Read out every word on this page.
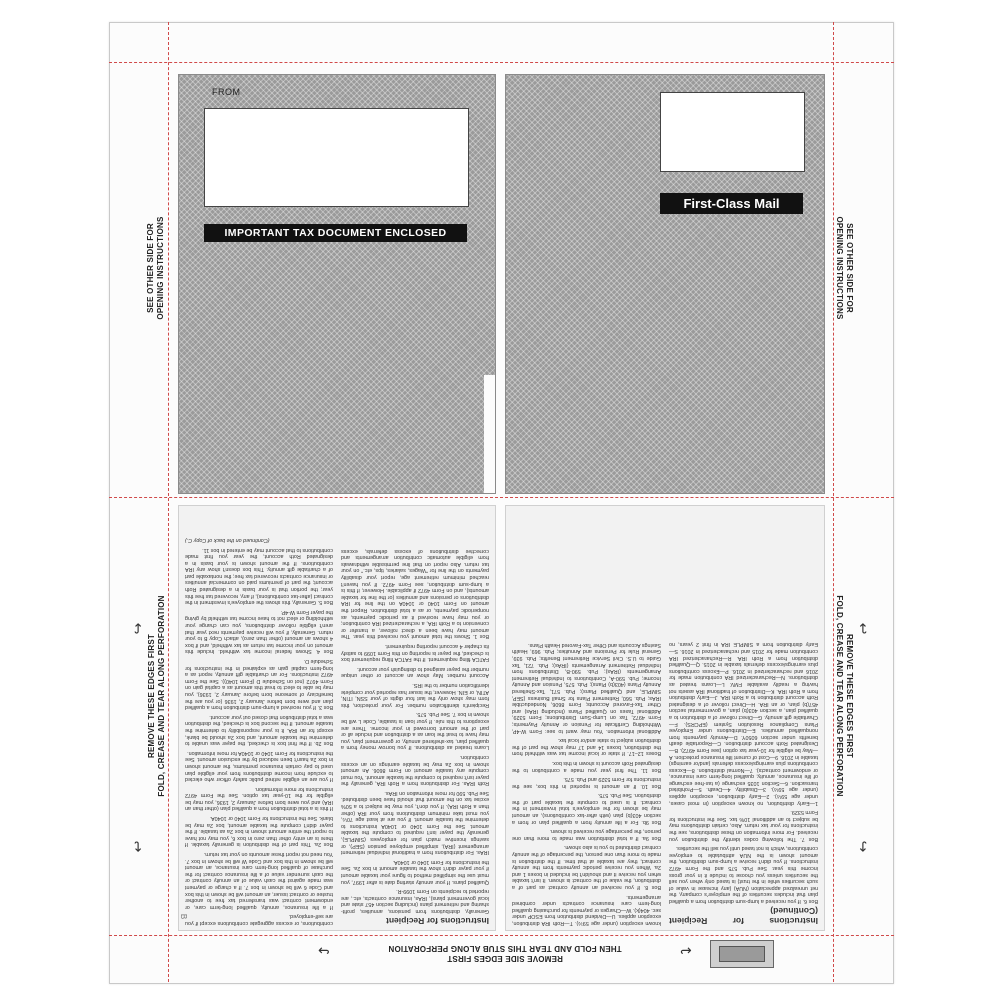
FROM
IMPORTANT TAX DOCUMENT ENCLOSED
First-Class Mail
SEE OTHER SIDE FOR
OPENING INSTRUCTIONS	SEE OTHER SIDE FOR
OPENING INSTRUCTIONS
REMOVE THESE EDGES FIRST
FOLD, CREASE AND TEAR ALONG PERFORATION	REMOVE THESE EDGES FIRST
FOLD, CREASE AND TEAR ALONG PERFORATION
↪
↩
↩
↪
Instructions for Recipient

Generally, distributions from pensions, annuities, profit-sharing and retirement plans (including section 457 state and local government plans), IRAs, insurance contracts, etc., are reported to recipients on Form 1099-R.

Qualified plans. If your annuity starting date is after 1997, you must use the simplified method to figure your taxable amount if your payer didn't show the taxable amount in box 2a. See the instructions for Form 1040 or 1040A.

IRAs. For distributions from a traditional individual retirement arrangement (IRA), simplified employee pension (SEP), or savings incentive match plan for employees (SIMPLE), generally the payer isn't required to compute the taxable amount. See the Form 1040 or 1040A instructions to determine the taxable amount. If you are at least age 70½, you must take minimum distributions from your IRA (other than a Roth IRA). If you don't, you may be subject to a 50% excise tax on the amount that should have been distributed. See Pub. 590 for more information on IRAs.

Roth IRAs. For distributions from a Roth IRA, generally the payer isn't required to compute the taxable amount. You must compute any taxable amount on Form 8606. An amount shown in box 2a may be taxable earnings on an excess contribution.

Loans treated as distributions. If you borrow money from a qualified plan, tax-sheltered annuity, or government plan, you may have to treat the loan as a distribution and include all or part of the amount borrowed in your income. There are exceptions to this rule. If your loan is taxable, Code L will be shown in box 7. See Pub. 575.

Recipient's identification number. For your protection, this form may show only the last four digits of your SSN, ITIN, ATIN, or EIN. However, the issuer has reported your complete identification number to the IRS.

Account number. May show an account or other unique number the payer assigned to distinguish your account.

FATCA filing requirement. If the FATCA filing requirement box is checked, the payer is reporting on this Form 1099 to satisfy its chapter 4 account reporting requirement.

Box 1. Shows the total amount you received this year. The amount may have been a direct rollover, a transfer or conversion to a Roth IRA, a recharacterized IRA contribution; or you may have received it as periodic payments, as nonperiodic payments, or as a total distribution. Report the amount on Form 1040 or 1040A on the line for IRA distributions or pensions and annuities (or the line for taxable amounts), and on Form 4972 if applicable. However, if this is a lump-sum distribution, see Form 4972. If you haven't reached minimum retirement age, report your disability payments on the line for "Wages, salaries, tips, etc." on your tax return. Also report on that line permissible withdrawals from eligible automatic contribution arrangements and corrective distributions of excess deferrals, excess contributions, or excess aggregate contributions except if you are self-employed.

If a life insurance, annuity, qualified long-term care, or endowment contract was transferred tax free to another trustee or contract issuer, an amount will be shown in this box and Code 6 will be shown in box 7. If a charge or payment was made against the cash value of an annuity contract or the cash surrender value of a life insurance contract for the purchase of qualified long-term care insurance, an amount will be shown in this box and Code W will be shown in box 7. You need not report these amounts on your tax return.

Box 2a. This part of the distribution is generally taxable. If there is an entry other than zero in box 6, you may not have to report the entire amount shown in box 2a as taxable. If the payer didn't compute the taxable amount, box 2a may be blank. See the instructions for Form 1040 or 1040A.

If this is a total distribution from a qualified plan (other than an IRA) and you were born before January 2, 1936, you may be eligible for the 10-year tax option. See the Form 4972 instructions for more information.

If you are an eligible retired public safety officer who elected to exclude from income distributions from your eligible plan used to pay certain insurance premiums, the amount shown in box 2a hasn't been reduced by the exclusion amount. See the instructions for Form 1040 or 1040A for more information.

Box 2b. If the first box is checked, the payer was unable to determine the taxable amount, and box 2a should be blank, except for an IRA. It is your responsibility to determine the taxable amount. If the second box is checked, the distribution was a total distribution that closed out your account.

Box 3. If you received a lump-sum distribution from a qualified plan and were born before January 2, 1936 (or you are the beneficiary of someone born before January 2, 1936), you may be able to elect to treat this amount as a capital gain on Form 4972 (not on Schedule D (Form 1040)). See the Form 4972 instructions. For an charitable gift annuity, report as a long-term capital gain as explained in the instructions for Schedule D.

Box 4. Shows federal income tax withheld. Include this amount on your income tax return as tax withheld, and if box 4 shows an amount (other than zero), attach Copy B to your return. Generally, if you will receive payments next year that aren't eligible rollover distributions, you can change your withholding or elect not to have income tax withheld by giving the payer Form W-4P.

Box 5. Generally, this shows the employee's investment in the contract (after-tax contributions), if any, recovered tax free this year; the portion that is your basis in a designated Roth account; the part of premiums paid on commercial annuities or insurance contracts recovered tax free; the nontaxable part of a charitable gift annuity. This box doesn't show any IRA contributions. If the amount shown is your basis in a designated Roth account, the year you first made contributions to that account may be entered in box 11.

(Continued on the back of Copy C.)

Instructions for Recipient (Continued)

Box 6. If you received a lump-sum distribution from a qualified plan that includes securities of the employer's company, the net unrealized appreciation (NUA) (any increase in value of such securities while in the trust) is taxed only when you sell the securities unless you choose to include it in your gross income this year. See Pub. 575 and the Form 4972 instructions. If you didn't receive a lump-sum distribution, the amount shown is the NUA attributable to employee contributions, which is not taxed until you sell the securities.

Box 7. The following codes identify the distribution you received. For more information on these distributions, see the instructions for your tax return. Also, certain distributions may be subject to an additional 10% tax. See the instructions for Form 5329.

1—Early distribution, no known exception (in most cases, under age 59½). 2—Early distribution, exception applies (under age 59½). 3—Disability. 4—Death. 5—Prohibited transaction. 6—Section 1035 exchange (a tax-free exchange of life insurance, annuity, qualified long-term care insurance, or endowment contracts). 7—Normal distribution. 8—Excess contributions plus earnings/excess deferrals (and/or earnings) taxable in 2016. 9—Cost of current life insurance protection. A—May be eligible for 10-year tax option (see Form 4972). B—Designated Roth account distribution. C—Reportable death benefits under section 6050Y. D—Annuity payments from nonqualified annuities. E—Distributions under Employee Plans Compliance Resolution System (EPCRS). F—Charitable gift annuity. G—Direct rollover of a distribution to a qualified plan, a section 403(b) plan, a governmental section 457(b) plan, or an IRA. H—Direct rollover of a designated Roth account distribution to a Roth IRA. J—Early distribution from a Roth IRA. K—Distribution of traditional IRA assets not having a readily available FMV. L—Loans treated as distributions. N—Recharacterized IRA contribution made for 2016 and recharacterized in 2016. P—Excess contributions plus earnings/excess deferrals taxable in 2015. Q—Qualified distribution from a Roth IRA. R—Recharacterized IRA contribution made for 2015 and recharacterized in 2016. S—Early distribution from a SIMPLE IRA in first 2 years, no known exception (under age 59½). T—Roth IRA distribution, exception applies. U—Dividend distribution from ESOP under sec. 404(k). W—Charges or payments for purchasing qualified long-term care insurance contracts under combined arrangements.

Box 8. If you received an annuity contract as part of a distribution, the value of the contract is shown. It isn't taxable when you receive it and shouldn't be included in boxes 1 and 2a. When you receive periodic payments from the annuity contract, they are taxable at that time. If the distribution is made to more than one person, the percentage of the annuity contract distributed to you is also shown.

Box 9a. If a total distribution was made to more than one person, the percentage you received is shown.

Box 9b. For a life annuity from a qualified plan or from a section 403(b) plan (with after-tax contributions), an amount may be shown for the employee's total investment in the contract. It is used to compute the taxable part of the distribution. See Pub. 575.

Box 10. If an amount is reported in this box, see the instructions for Form 5329 and Pub. 575.

Box 11. The first year you made a contribution to the designated Roth account is shown in this box.

Boxes 12–17. If state or local income tax was withheld from the distribution, boxes 14 and 17 may show the part of the distribution subject to state and/or local tax.

Additional information. You may want to see: Form W-4P, Withholding Certificate for Pension or Annuity Payments; Form 4972, Tax on Lump-Sum Distributions; Form 5329, Additional Taxes on Qualified Plans (Including IRAs) and Other Tax-Favored Accounts; Form 8606, Nondeductible IRAs; Pub. 560, Retirement Plans for Small Business (SEP, SIMPLE, and Qualified Plans); Pub. 571, Tax-Sheltered Annuity Plans (403(b) Plans); Pub. 575, Pension and Annuity Income; Pub. 590-A, Contributions to Individual Retirement Arrangements (IRAs); Pub. 590-B, Distributions from Individual Retirement Arrangements (IRAs); Pub. 721, Tax Guide to U.S. Civil Service Retirement Benefits; Pub. 939, General Rule for Pensions and Annuities; Pub. 969, Health Savings Accounts and Other Tax-Favored Health Plans.

REMOVE SIDE EDGES FIRST
THEN FOLD AND TEAR THIS STUB ALONG PERFORATION
↪	↩
B
